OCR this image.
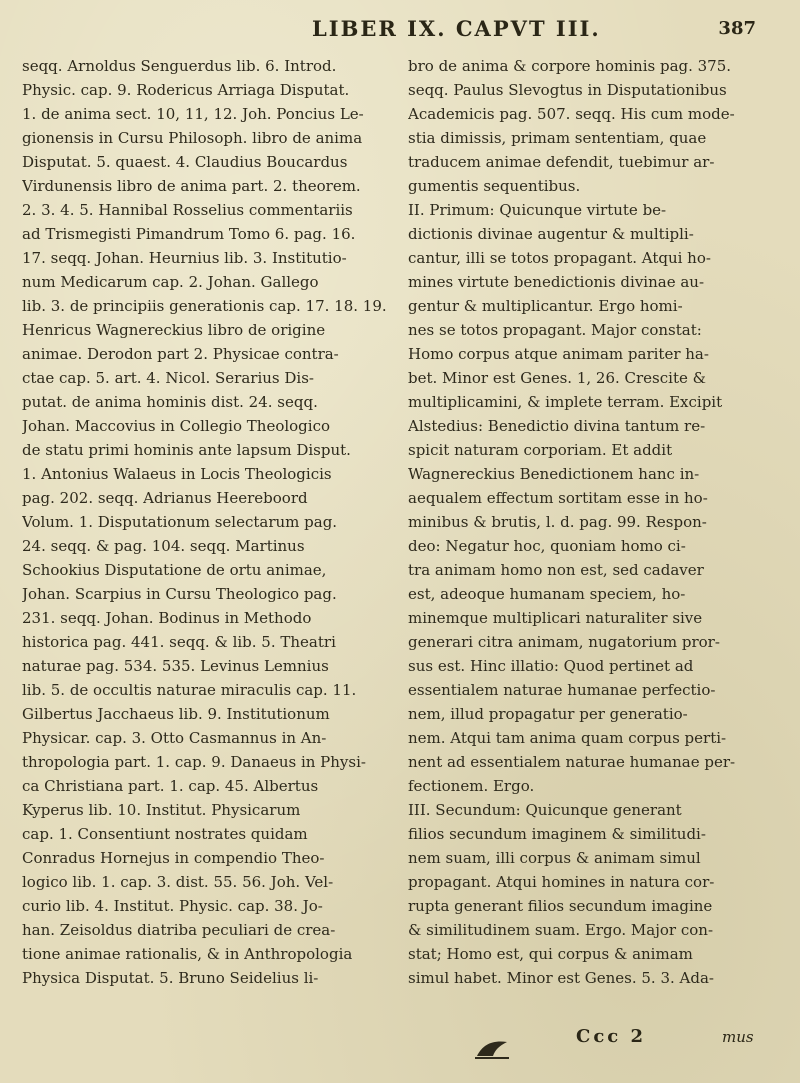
LIBER IX. CAPVT III.	387
seqq. Arnoldus Senguerdus lib. 6. Introd.
Physic. cap. 9. Rodericus Arriaga Disputat.
1. de anima sect. 10, 11, 12. Joh. Poncius Le-
gionensis in Cursu Philosoph. libro de anima
Disputat. 5. quaest. 4. Claudius Boucardus
Virdunensis libro de anima part. 2. theorem.
2. 3. 4. 5. Hannibal Rosselius commentariis
ad Trismegisti Pimandrum Tomo 6. pag. 16.
17. seqq. Johan. Heurnius lib. 3. Institutio-
num Medicarum cap. 2. Johan. Gallego
lib. 3. de principiis generationis cap. 17. 18. 19.
Henricus Wagnereckius libro de origine
animae. Derodon part 2. Physicae contra-
ctae cap. 5. art. 4. Nicol. Serarius Dis-
putat. de anima hominis dist. 24. seqq.
Johan. Maccovius in Collegio Theologico
de statu primi hominis ante lapsum Disput.
1. Antonius Walaeus in Locis Theologicis
pag. 202. seqq. Adrianus Heereboord
Volum. 1. Disputationum selectarum pag.
24. seqq. & pag. 104. seqq. Martinus
Schookius Disputatione de ortu animae,
Johan. Scarpius in Cursu Theologico pag.
231. seqq. Johan. Bodinus in Methodo
historica pag. 441. seqq. & lib. 5. Theatri
naturae pag. 534. 535. Levinus Lemnius
lib. 5. de occultis naturae miraculis cap. 11.
Gilbertus Jacchaeus lib. 9. Institutionum
Physicar. cap. 3. Otto Casmannus in An-
thropologia part. 1. cap. 9. Danaeus in Physi-
ca Christiana part. 1. cap. 45. Albertus
Kyperus lib. 10. Institut. Physicarum
cap. 1. Consentiunt nostrates quidam
Conradus Hornejus in compendio Theo-
logico lib. 1. cap. 3. dist. 55. 56. Joh. Vel-
curio lib. 4. Institut. Physic. cap. 38. Jo-
han. Zeisoldus diatriba peculiari de crea-
tione animae rationalis, & in Anthropologia
Physica Disputat. 5. Bruno Seidelius li-
bro de anima & corpore hominis pag. 375.
seqq. Paulus Slevogtus in Disputationibus
Academicis pag. 507. seqq. His cum mode-
stia dimissis, primam sententiam, quae
traducem animae defendit, tuebimur ar-
gumentis sequentibus.
II. Primum: Quicunque virtute be-
dictionis divinae augentur & multipli-
cantur, illi se totos propagant. Atqui ho-
mines virtute benedictionis divinae au-
gentur & multiplicantur. Ergo homi-
nes se totos propagant. Major constat:
Homo corpus atque animam pariter ha-
bet. Minor est Genes. 1, 26. Crescite &
multiplicamini, & implete terram. Excipit
Alstedius: Benedictio divina tantum re-
spicit naturam corporiam. Et addit
Wagnereckius Benedictionem hanc in-
aequalem effectum sortitam esse in ho-
minibus & brutis, l. d. pag. 99. Respon-
deo: Negatur hoc, quoniam homo ci-
tra animam homo non est, sed cadaver
est, adeoque humanam speciem, ho-
minemque multiplicari naturaliter sive
generari citra animam, nugatorium pror-
sus est. Hinc illatio: Quod pertinet ad
essentialem naturae humanae perfectio-
nem, illud propagatur per generatio-
nem. Atqui tam anima quam corpus perti-
nent ad essentialem naturae humanae per-
fectionem. Ergo.
III. Secundum: Quicunque generant
filios secundum imaginem & similitudi-
nem suam, illi corpus & animam simul
propagant. Atqui homines in natura cor-
rupta generant filios secundum imagine
& similitudinem suam. Ergo. Major con-
stat; Homo est, qui corpus & animam
simul habet. Minor est Genes. 5. 3. Ada-
Ccc 2	mus
